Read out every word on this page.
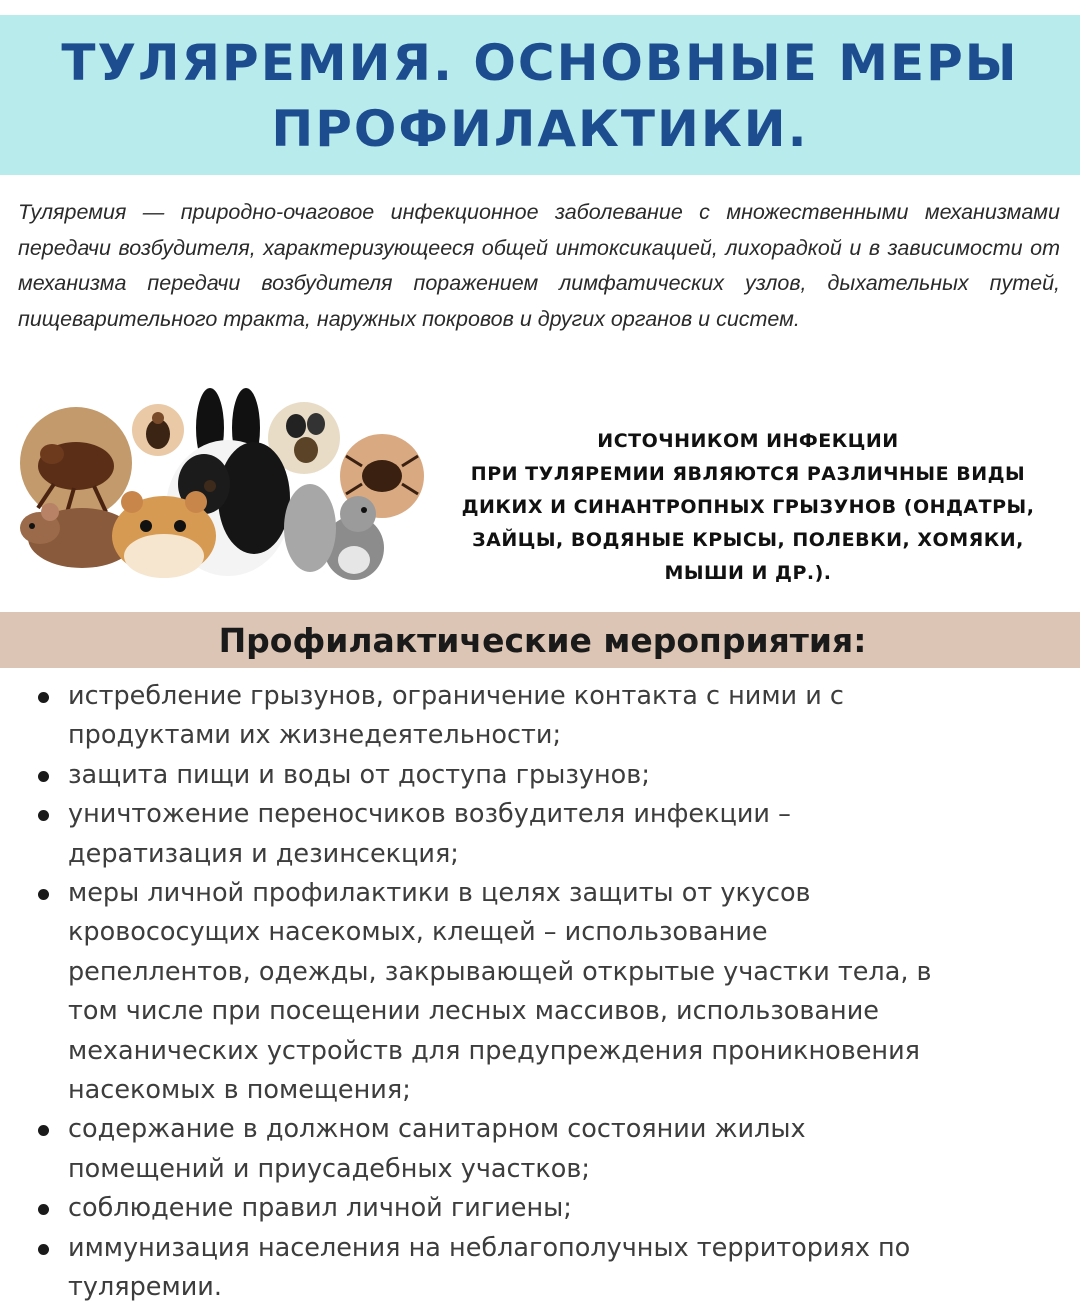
ТУЛЯРЕМИЯ. ОСНОВНЫЕ МЕРЫ
ПРОФИЛАКТИКИ.

Туляремия — природно-очаговое инфекционное заболевание с множественными механизмами передачи возбудителя, характеризующееся общей интоксикацией, лихорадкой и в зависимости от механизма передачи возбудителя поражением лимфатических узлов, дыхательных путей, пищеварительного тракта, наружных покровов и других органов и систем.

ИСТОЧНИКОМ ИНФЕКЦИИ
ПРИ ТУЛЯРЕМИИ ЯВЛЯЮТСЯ РАЗЛИЧНЫЕ ВИДЫ
ДИКИХ И СИНАНТРОПНЫХ ГРЫЗУНОВ (ОНДАТРЫ,
ЗАЙЦЫ, ВОДЯНЫЕ КРЫСЫ, ПОЛЕВКИ, ХОМЯКИ,
МЫШИ И ДР.).
Профилактические мероприятия:
истребление грызунов, ограничение контакта с ними и с
продуктами их жизнедеятельности;
защита пищи и воды от доступа грызунов;
уничтожение переносчиков возбудителя инфекции –
дератизация и дезинсекция;
меры личной профилактики в целях защиты от укусов
кровососущих насекомых, клещей – использование
репеллентов, одежды, закрывающей открытые участки тела, в
том числе при посещении лесных массивов, использование
механических устройств для предупреждения проникновения
насекомых в помещения;
содержание в должном санитарном состоянии жилых
помещений и приусадебных участков;
соблюдение правил личной гигиены;
иммунизация населения на неблагополучных территориях по
туляремии.
